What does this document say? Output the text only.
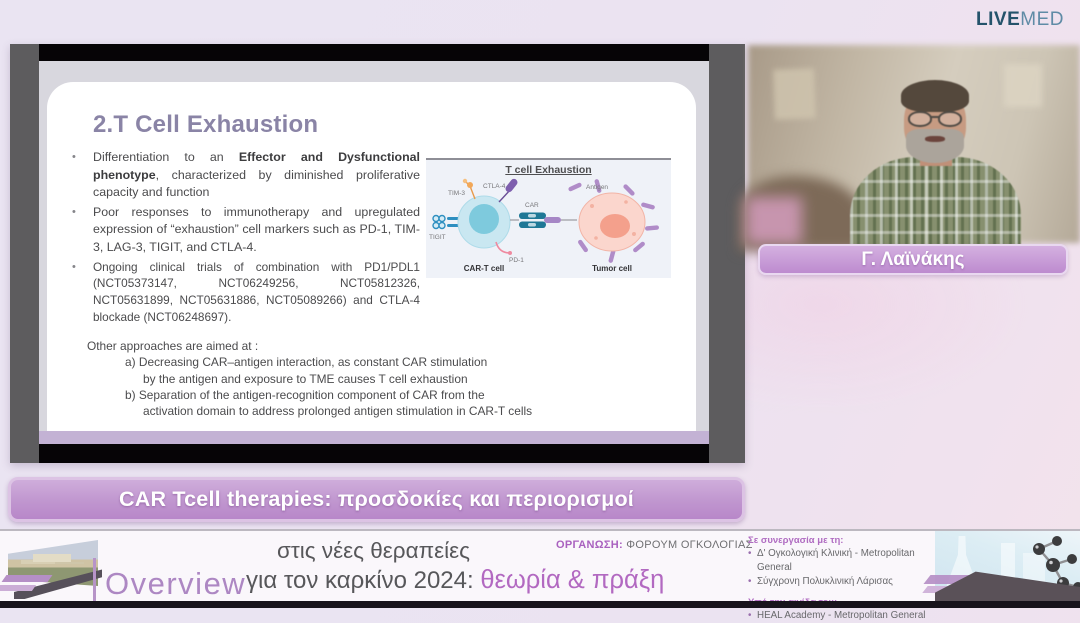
LIVEMED
2.T Cell Exhaustion
• Differentiation to an Effector and Dysfunctional phenotype, characterized by diminished proliferative capacity and function
• Poor responses to immunotherapy and upregulated expression of “exhaustion” cell markers such as PD-1, TIM-3, LAG-3, TIGIT, and CTLA-4.
• Ongoing clinical trials of combination with PD1/PDL1 (NCT05373147, NCT06249256, NCT05812326, NCT05631899, NCT05631886, NCT05089266) and CTLA-4 blockade (NCT06248697).
T cell Exhaustion
TIGIT
TIM-3
CTLA-4
CAR
PD-1
Antigen
CAR-T cell	Tumor cell
Other approaches are aimed at :
a) Decreasing CAR–antigen interaction, as constant CAR stimulation
by the antigen and exposure to TME causes T cell exhaustion
b) Separation of the antigen-recognition component of CAR from the
activation domain to address prolonged antigen stimulation in CAR-T cells
Γ. Λαϊνάκης
CAR Tcell therapies: προσδοκίες και περιορισμοί
Overview
στις νέες θεραπείες
για τον καρκίνο 2024: θεωρία & πράξη
ΟΡΓΑΝΩΣΗ: ΦΟΡΟΥΜ ΟΓΚΟΛΟΓΙΑΣ
Σε συνεργασία με τη:
• Δ' Ογκολογική Κλινική - Metropolitan General
• Σύγχρονη Πολυκλινική Λάρισας
• HEAL Academy - Metropolitan General
